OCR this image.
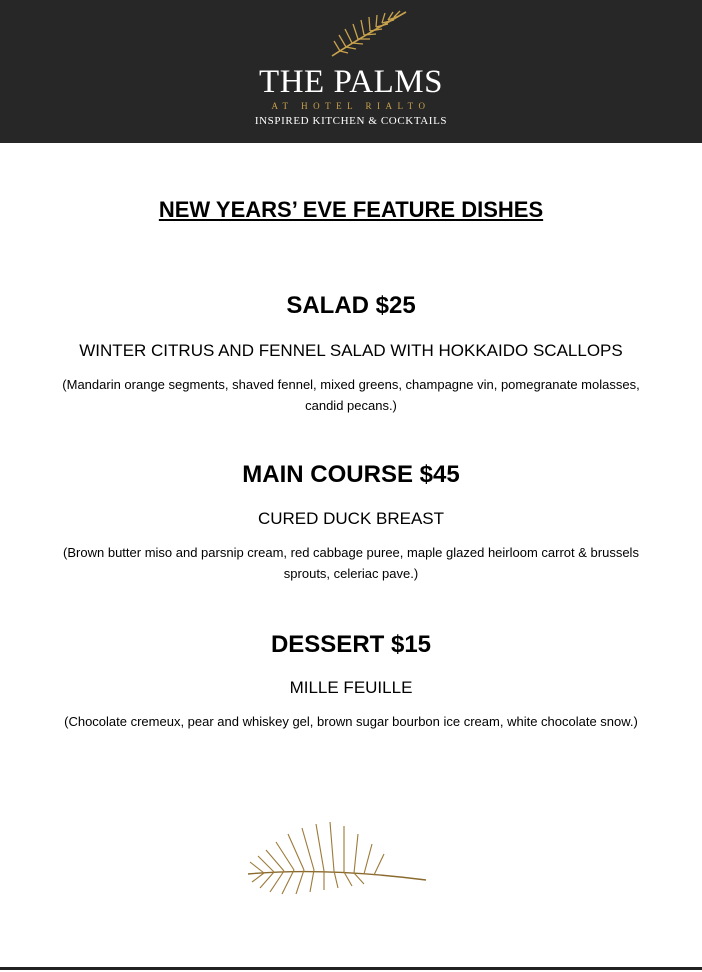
THE PALMS
AT HOTEL RIALTO
INSPIRED KITCHEN & COCKTAILS
NEW YEARS’ EVE FEATURE DISHES
SALAD $25
WINTER CITRUS AND FENNEL SALAD WITH HOKKAIDO SCALLOPS
(Mandarin orange segments, shaved fennel, mixed greens, champagne vin, pomegranate molasses, candid pecans.)
MAIN COURSE $45
CURED DUCK BREAST
(Brown butter miso and parsnip cream, red cabbage puree, maple glazed heirloom carrot & brussels sprouts, celeriac pave.)
DESSERT $15
MILLE FEUILLE
(Chocolate cremeux, pear and whiskey gel, brown sugar bourbon ice cream, white chocolate snow.)
